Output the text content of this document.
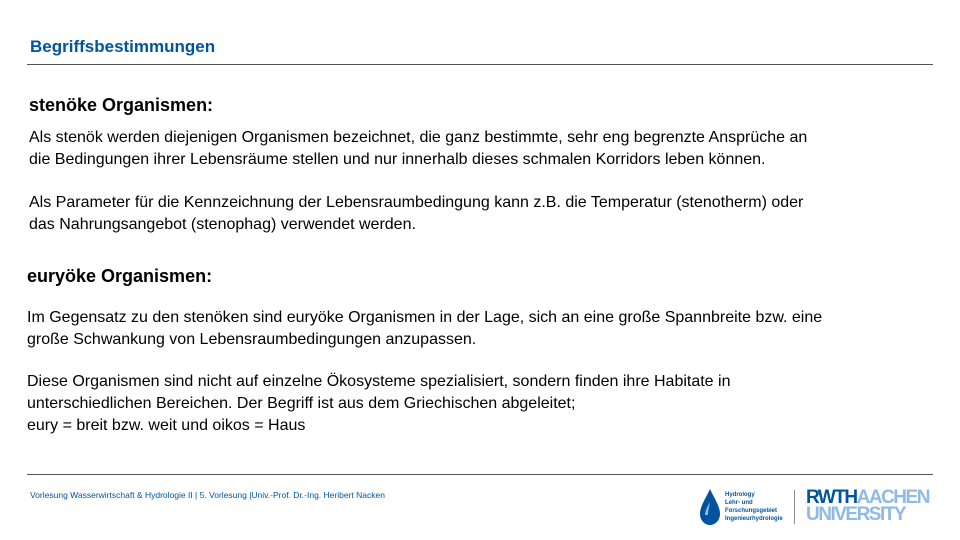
Begriffsbestimmungen
stenöke Organismen:
Als stenök werden diejenigen Organismen bezeichnet, die ganz bestimmte, sehr eng begrenzte Ansprüche an
die Bedingungen ihrer Lebensräume stellen und nur innerhalb dieses schmalen Korridors leben können.
Als Parameter für die Kennzeichnung der Lebensraumbedingung kann z.B. die Temperatur (stenotherm) oder
das Nahrungsangebot (stenophag) verwendet werden.
euryöke Organismen:
Im Gegensatz zu den stenöken sind euryöke Organismen in der Lage, sich an eine große Spannbreite bzw. eine
große Schwankung von Lebensraumbedingungen anzupassen.
Diese Organismen sind nicht auf einzelne Ökosysteme spezialisiert, sondern finden ihre Habitate in
unterschiedlichen Bereichen. Der Begriff ist aus dem Griechischen abgeleitet;
eury = breit bzw. weit und oikos = Haus
Vorlesung Wasserwirtschaft & Hydrologie II | 5. Vorlesung |Univ.-Prof. Dr.-Ing. Heribert Nacken	Hydrology
Lehr- und
Forschungsgebiet
Ingenieurhydrologie
RWTHAACHEN
UNIVERSITY
